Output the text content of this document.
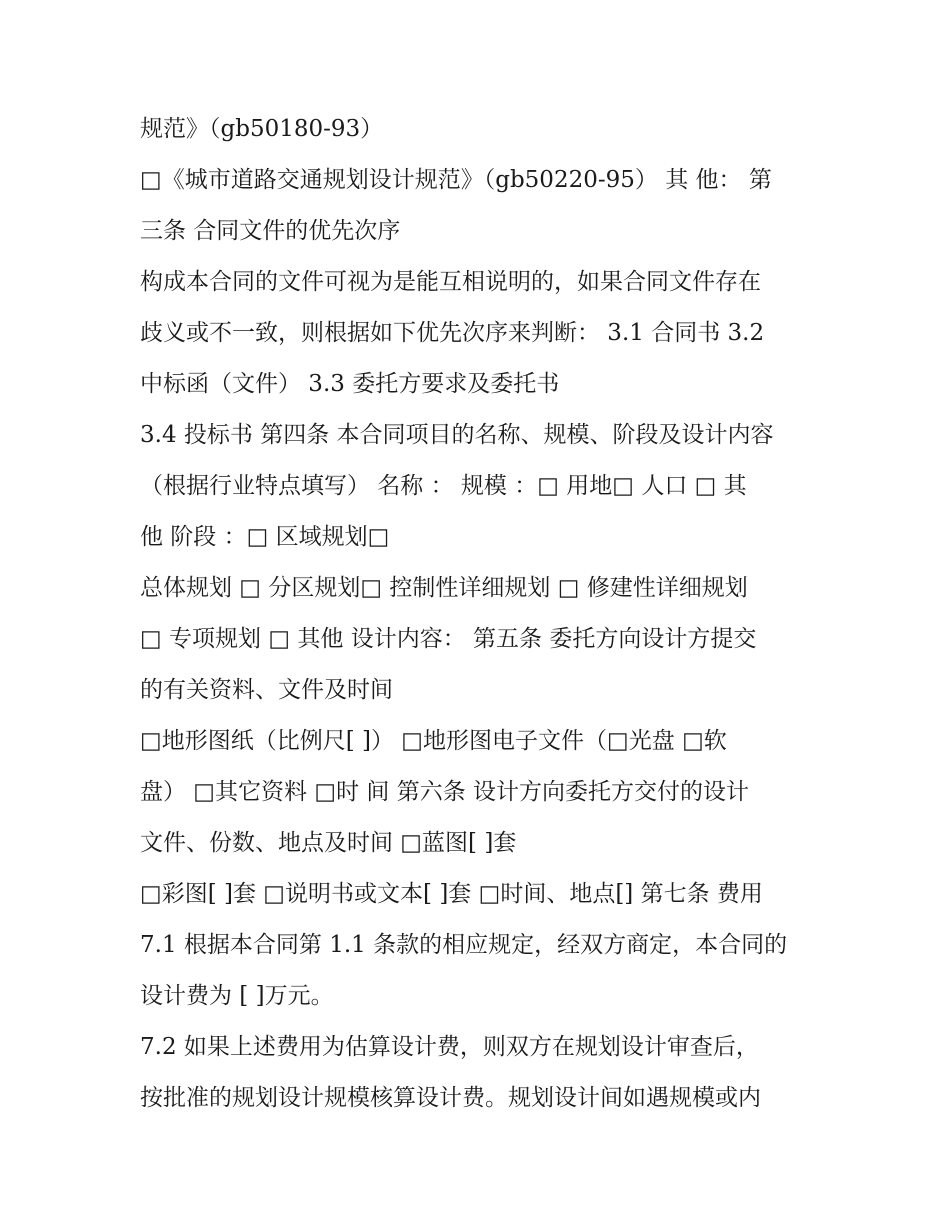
规范》（gb50180-93）
□《城市道路交通规划设计规范》（gb50220-95） 其 他： 第
三条 合同文件的优先次序
构成本合同的文件可视为是能互相说明的，如果合同文件存在
歧义或不一致，则根据如下优先次序来判断： 3.1 合同书 3.2
中标函（文件） 3.3 委托方要求及委托书
3.4 投标书 第四条 本合同项目的名称、规模、阶段及设计内容
（根据行业特点填写） 名称 ： 规模 ：□ 用地□ 人口 □ 其
他 阶段 ：□ 区域规划□
总体规划 □ 分区规划□ 控制性详细规划 □ 修建性详细规划
□ 专项规划 □ 其他 设计内容： 第五条 委托方向设计方提交
的有关资料、文件及时间
□地形图纸（比例尺[ ]） □地形图电子文件（□光盘 □软
盘） □其它资料 □时 间 第六条 设计方向委托方交付的设计
文件、份数、地点及时间 □蓝图[ ]套
□彩图[ ]套 □说明书或文本[ ]套 □时间、地点[] 第七条 费用
7.1 根据本合同第 1.1 条款的相应规定，经双方商定，本合同的
设计费为 [ ]万元。
7.2 如果上述费用为估算设计费，则双方在规划设计审查后，
按批准的规划设计规模核算设计费。规划设计间如遇规模或内
